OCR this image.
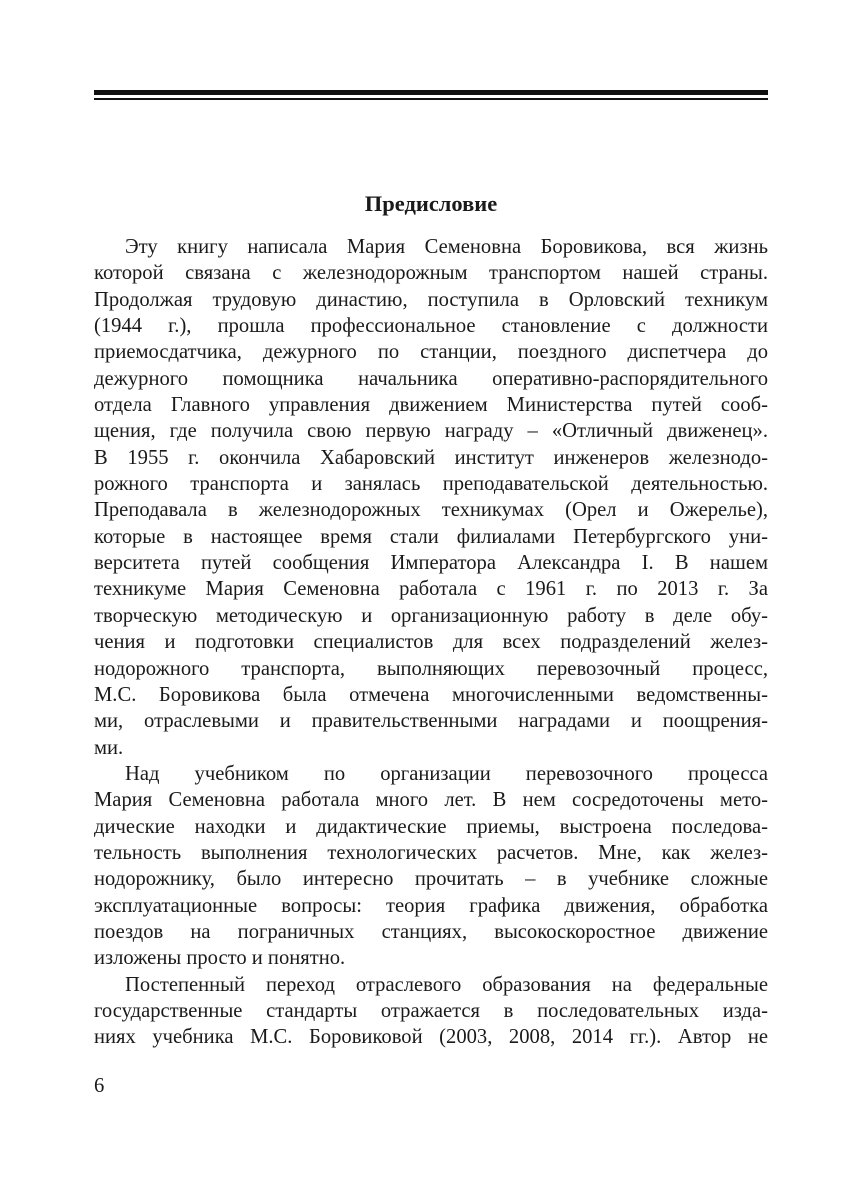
Предисловие
Эту книгу написала Мария Семеновна Боровикова, вся жизнь
которой связана с железнодорожным транспортом нашей страны.
Продолжая трудовую династию, поступила в Орловский техникум
(1944 г.), прошла профессиональное становление с должности
приемосдатчика, дежурного по станции, поездного диспетчера до
дежурного помощника начальника оперативно-распорядительного
отдела Главного управления движением Министерства путей сооб-
щения, где получила свою первую награду – «Отличный движенец».
В 1955 г. окончила Хабаровский институт инженеров железнодо-
рожного транспорта и занялась преподавательской деятельностью.
Преподавала в железнодорожных техникумах (Орел и Ожерелье),
которые в настоящее время стали филиалами Петербургского уни-
верситета путей сообщения Императора Александра I. В нашем
техникуме Мария Семеновна работала с 1961 г. по 2013 г. За
творческую методическую и организационную работу в деле обу-
чения и подготовки специалистов для всех подразделений желез-
нодорожного транспорта, выполняющих перевозочный процесс,
М.С. Боровикова была отмечена многочисленными ведомственны-
ми, отраслевыми и правительственными наградами и поощрения-
ми.
Над учебником по организации перевозочного процесса
Мария Семеновна работала много лет. В нем сосредоточены мето-
дические находки и дидактические приемы, выстроена последова-
тельность выполнения технологических расчетов. Мне, как желез-
нодорожнику, было интересно прочитать – в учебнике сложные
эксплуатационные вопросы: теория графика движения, обработка
поездов на пограничных станциях, высокоскоростное движение
изложены просто и понятно.
Постепенный переход отраслевого образования на федеральные
государственные стандарты отражается в последовательных изда-
ниях учебника М.С. Боровиковой (2003, 2008, 2014 гг.). Автор не
6
